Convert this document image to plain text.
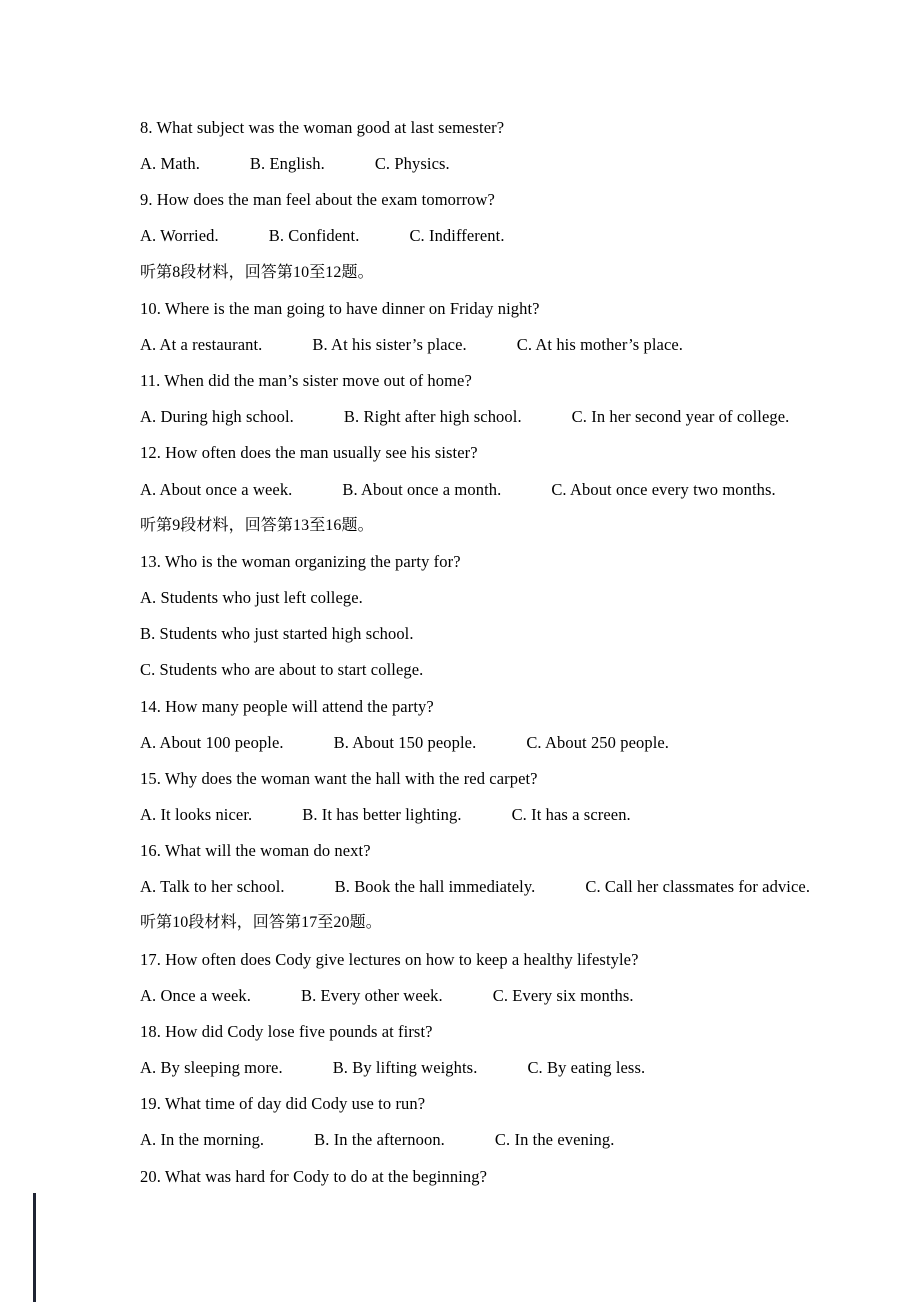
8. What subject was the woman good at last semester?
A. Math.	B. English.	C. Physics.
9. How does the man feel about the exam tomorrow?
A. Worried.	B. Confident.	C. Indifferent.
听第8段材料，回答第10至12题。
10. Where is the man going to have dinner on Friday night?
A. At a restaurant.	B. At his sister’s place.	C. At his mother’s place.
11. When did the man’s sister move out of home?
A. During high school.	B. Right after high school.	C. In her second year of college.
12. How often does the man usually see his sister?
A. About once a week.	B. About once a month.	C. About once every two months.
听第9段材料，回答第13至16题。
13. Who is the woman organizing the party for?
A. Students who just left college.
B. Students who just started high school.
C. Students who are about to start college.
14. How many people will attend the party?
A. About 100 people.	B. About 150 people.	C. About 250 people.
15. Why does the woman want the hall with the red carpet?
A. It looks nicer.	B. It has better lighting.	C. It has a screen.
16. What will the woman do next?
A. Talk to her school.	B. Book the hall immediately.	C. Call her classmates for advice.
听第10段材料，回答第17至20题。
17. How often does Cody give lectures on how to keep a healthy lifestyle?
A. Once a week.	B. Every other week.	C. Every six months.
18. How did Cody lose five pounds at first?
A. By sleeping more.	B. By lifting weights.	C. By eating less.
19. What time of day did Cody use to run?
A. In the morning.	B. In the afternoon.	C. In the evening.
20. What was hard for Cody to do at the beginning?
